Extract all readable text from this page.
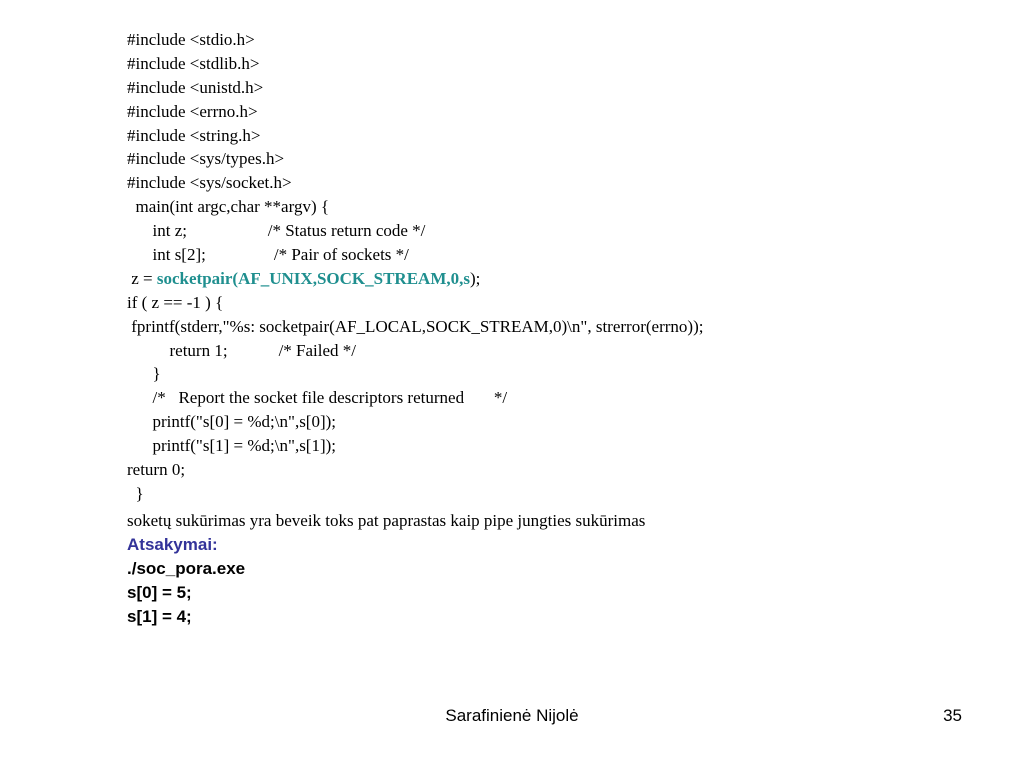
#include <stdio.h>
#include <stdlib.h>
#include <unistd.h>
#include <errno.h>
#include <string.h>
#include <sys/types.h>
#include <sys/socket.h>
main(int argc,char **argv) {
int z;                   /* Status return code */
int s[2];                /* Pair of sockets */
z = socketpair(AF_UNIX,SOCK_STREAM,0,s);
if ( z == -1 ) {
fprintf(stderr,"%s: socketpair(AF_LOCAL,SOCK_STREAM,0)\n", strerror(errno));
return 1;            /* Failed */
}
/*   Report the socket file descriptors returned       */
printf("s[0] = %d;\n",s[0]);
printf("s[1] = %d;\n",s[1]);
return 0;
}
soketų sukūrimas yra beveik toks pat paprastas kaip pipe jungties sukūrimas
Atsakymai:
./soc_pora.exe
s[0] = 5;
s[1] = 4;
Sarafinienė Nijolė	35
